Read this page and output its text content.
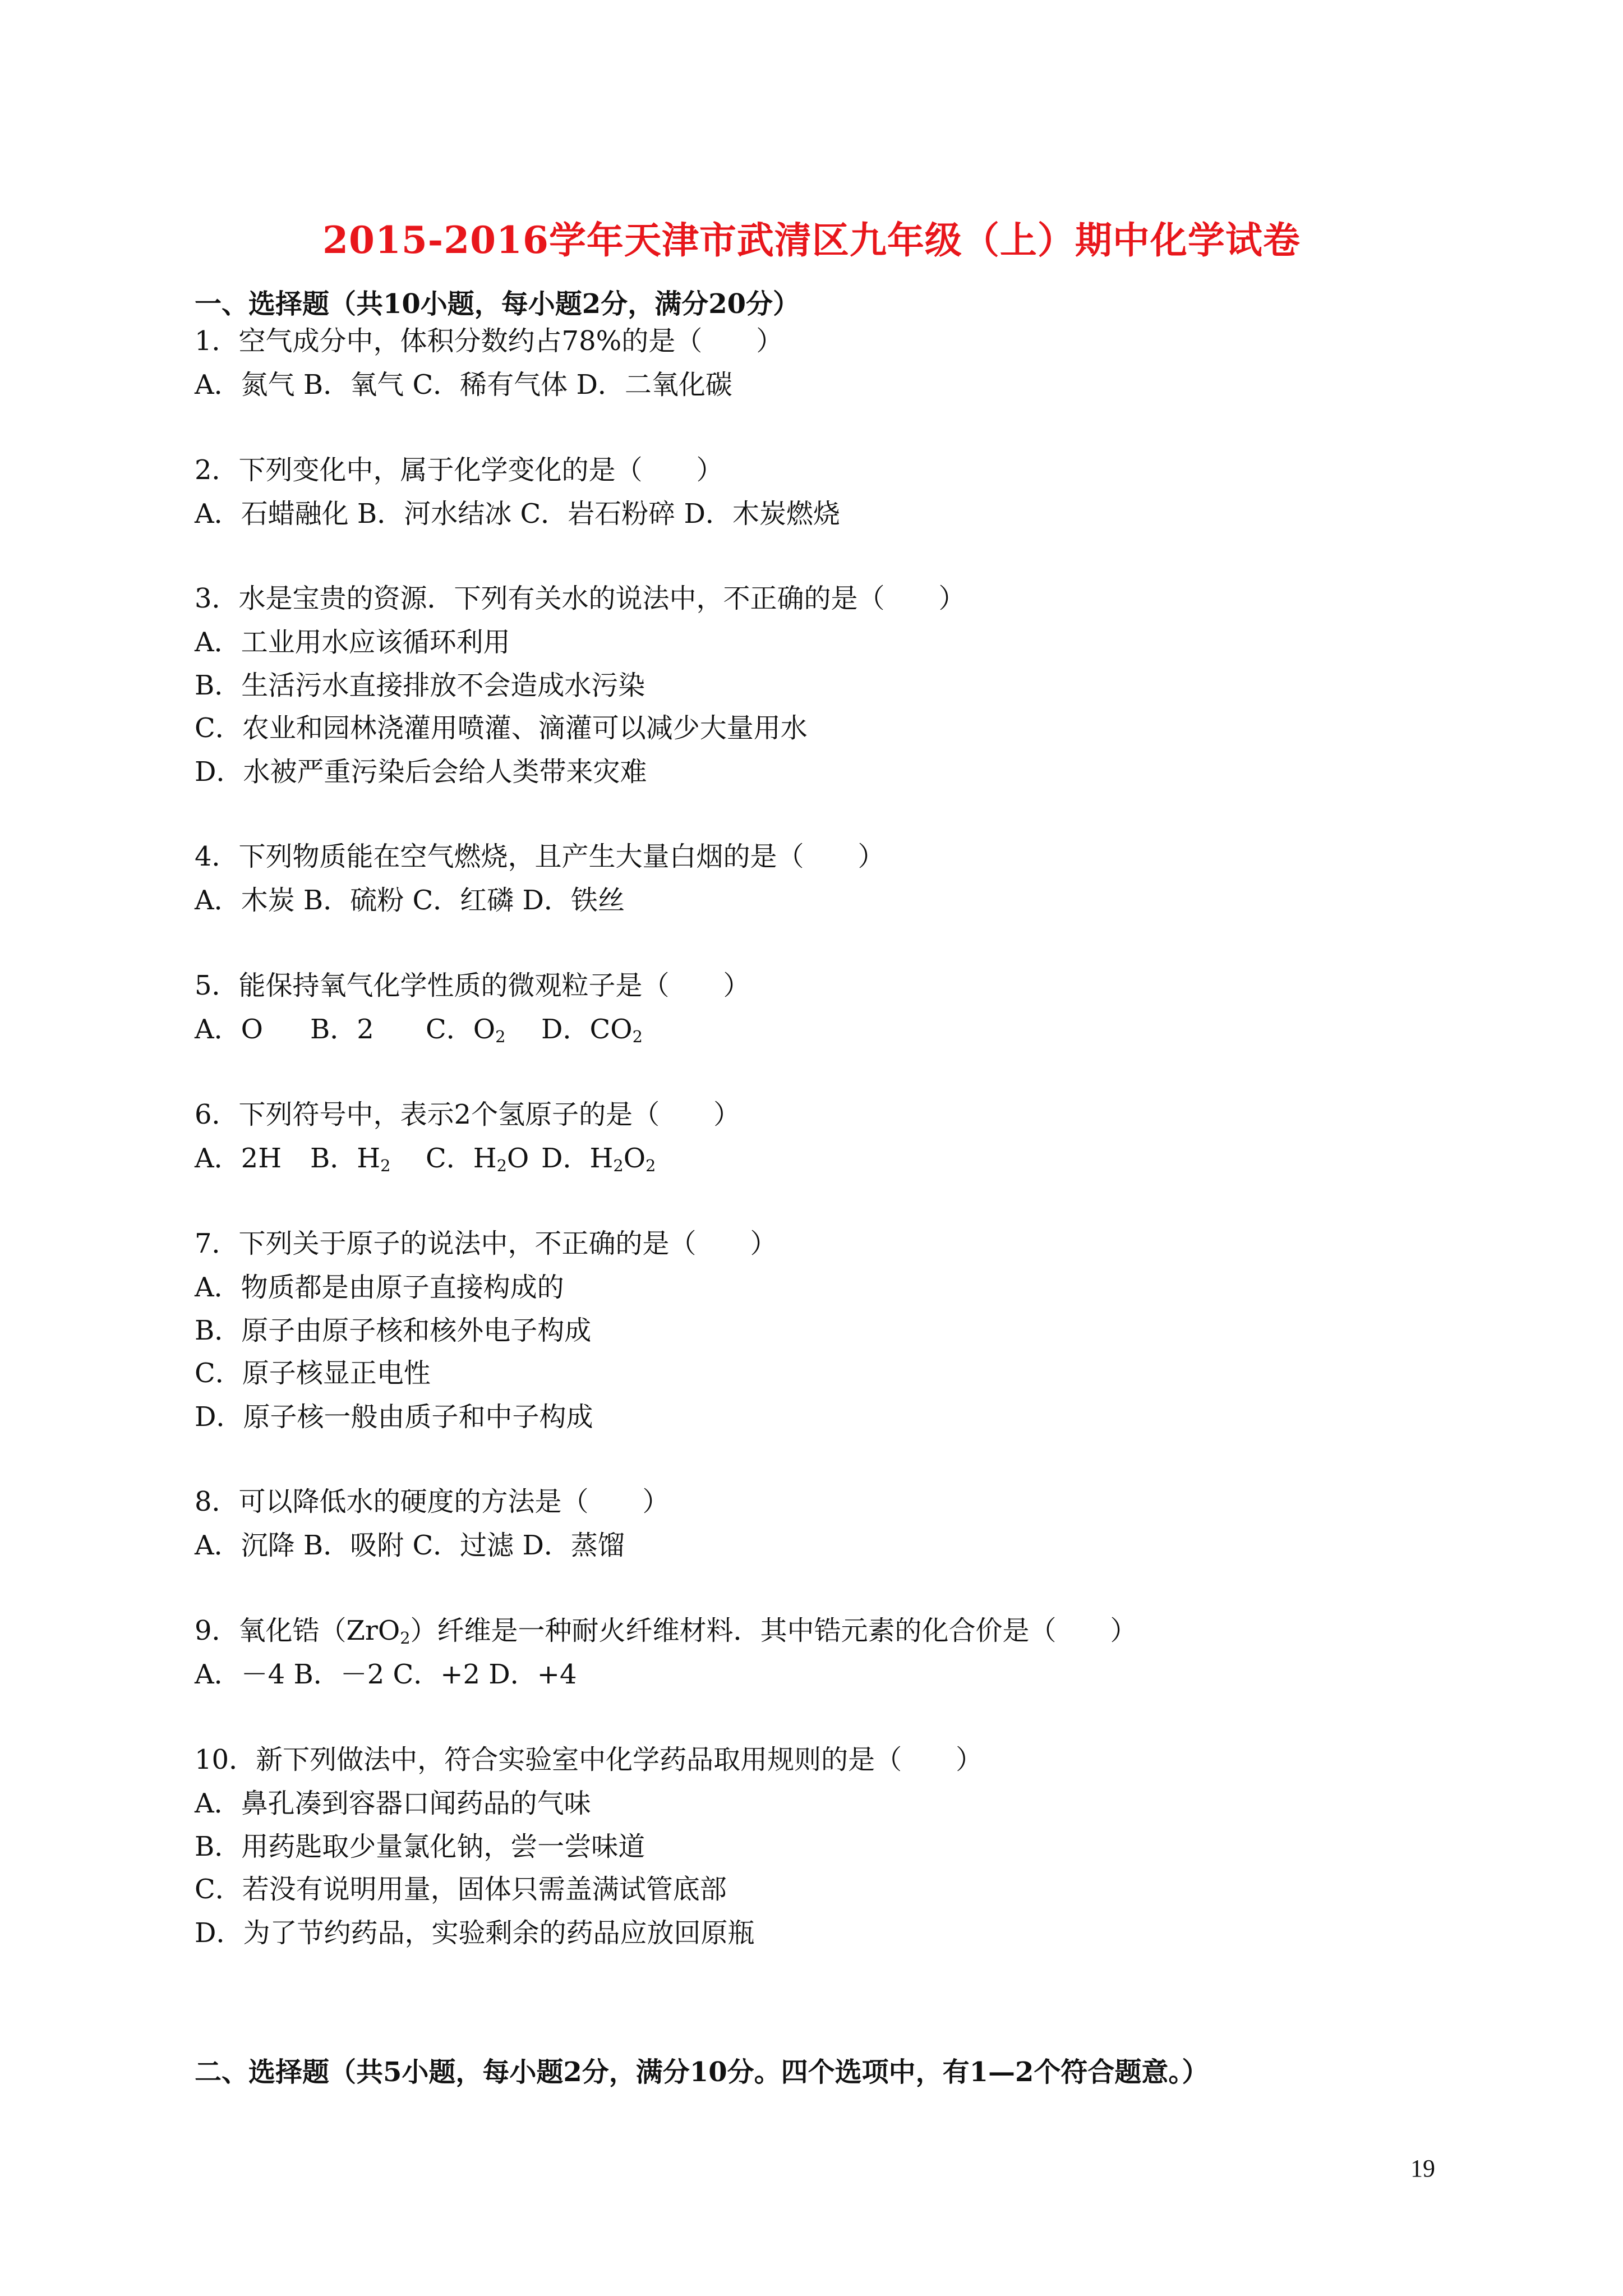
2015-2016学年天津市武清区九年级（上）期中化学试卷
一、选择题（共10小题，每小题2分，满分20分）
1．空气成分中，体积分数约占78%的是（　　）
A．氮气 B．氧气 C．稀有气体 D．二氧化碳
2．下列变化中，属于化学变化的是（　　）
A．石蜡融化 B．河水结冰 C．岩石粉碎 D．木炭燃烧
3．水是宝贵的资源．下列有关水的说法中，不正确的是（　　）
A．工业用水应该循环利用
B．生活污水直接排放不会造成水污染
C．农业和园林浇灌用喷灌、滴灌可以减少大量用水
D．水被严重污染后会给人类带来灾难
4．下列物质能在空气燃烧，且产生大量白烟的是（　　）
A．木炭 B．硫粉 C．红磷 D．铁丝
5．能保持氧气化学性质的微观粒子是（　　）
A．O B．2 C．$O_2$ D．$CO_2$
6．下列符号中，表示2个氢原子的是（　　）
A．2H B．$H_2$ C．$H_2O$ D．$H_2O_2$
7．下列关于原子的说法中，不正确的是（　　）
A．物质都是由原子直接构成的
B．原子由原子核和核外电子构成
C．原子核显正电性
D．原子核一般由质子和中子构成
8．可以降低水的硬度的方法是（　　）
A．沉降 B．吸附 C．过滤 D．蒸馏
9．氧化锆（ZrO$_2$）纤维是一种耐火纤维材料．其中锆元素的化合价是（　　）
A．－4 B．－2 C．+2 D．+4
10．新下列做法中，符合实验室中化学药品取用规则的是（　　）
A．鼻孔凑到容器口闻药品的气味
B．用药匙取少量氯化钠，尝一尝味道
C．若没有说明用量，固体只需盖满试管底部
D．为了节约药品，实验剩余的药品应放回原瓶
二、选择题（共5小题，每小题2分，满分10分。四个选项中，有1—2个符合题意。）
19
